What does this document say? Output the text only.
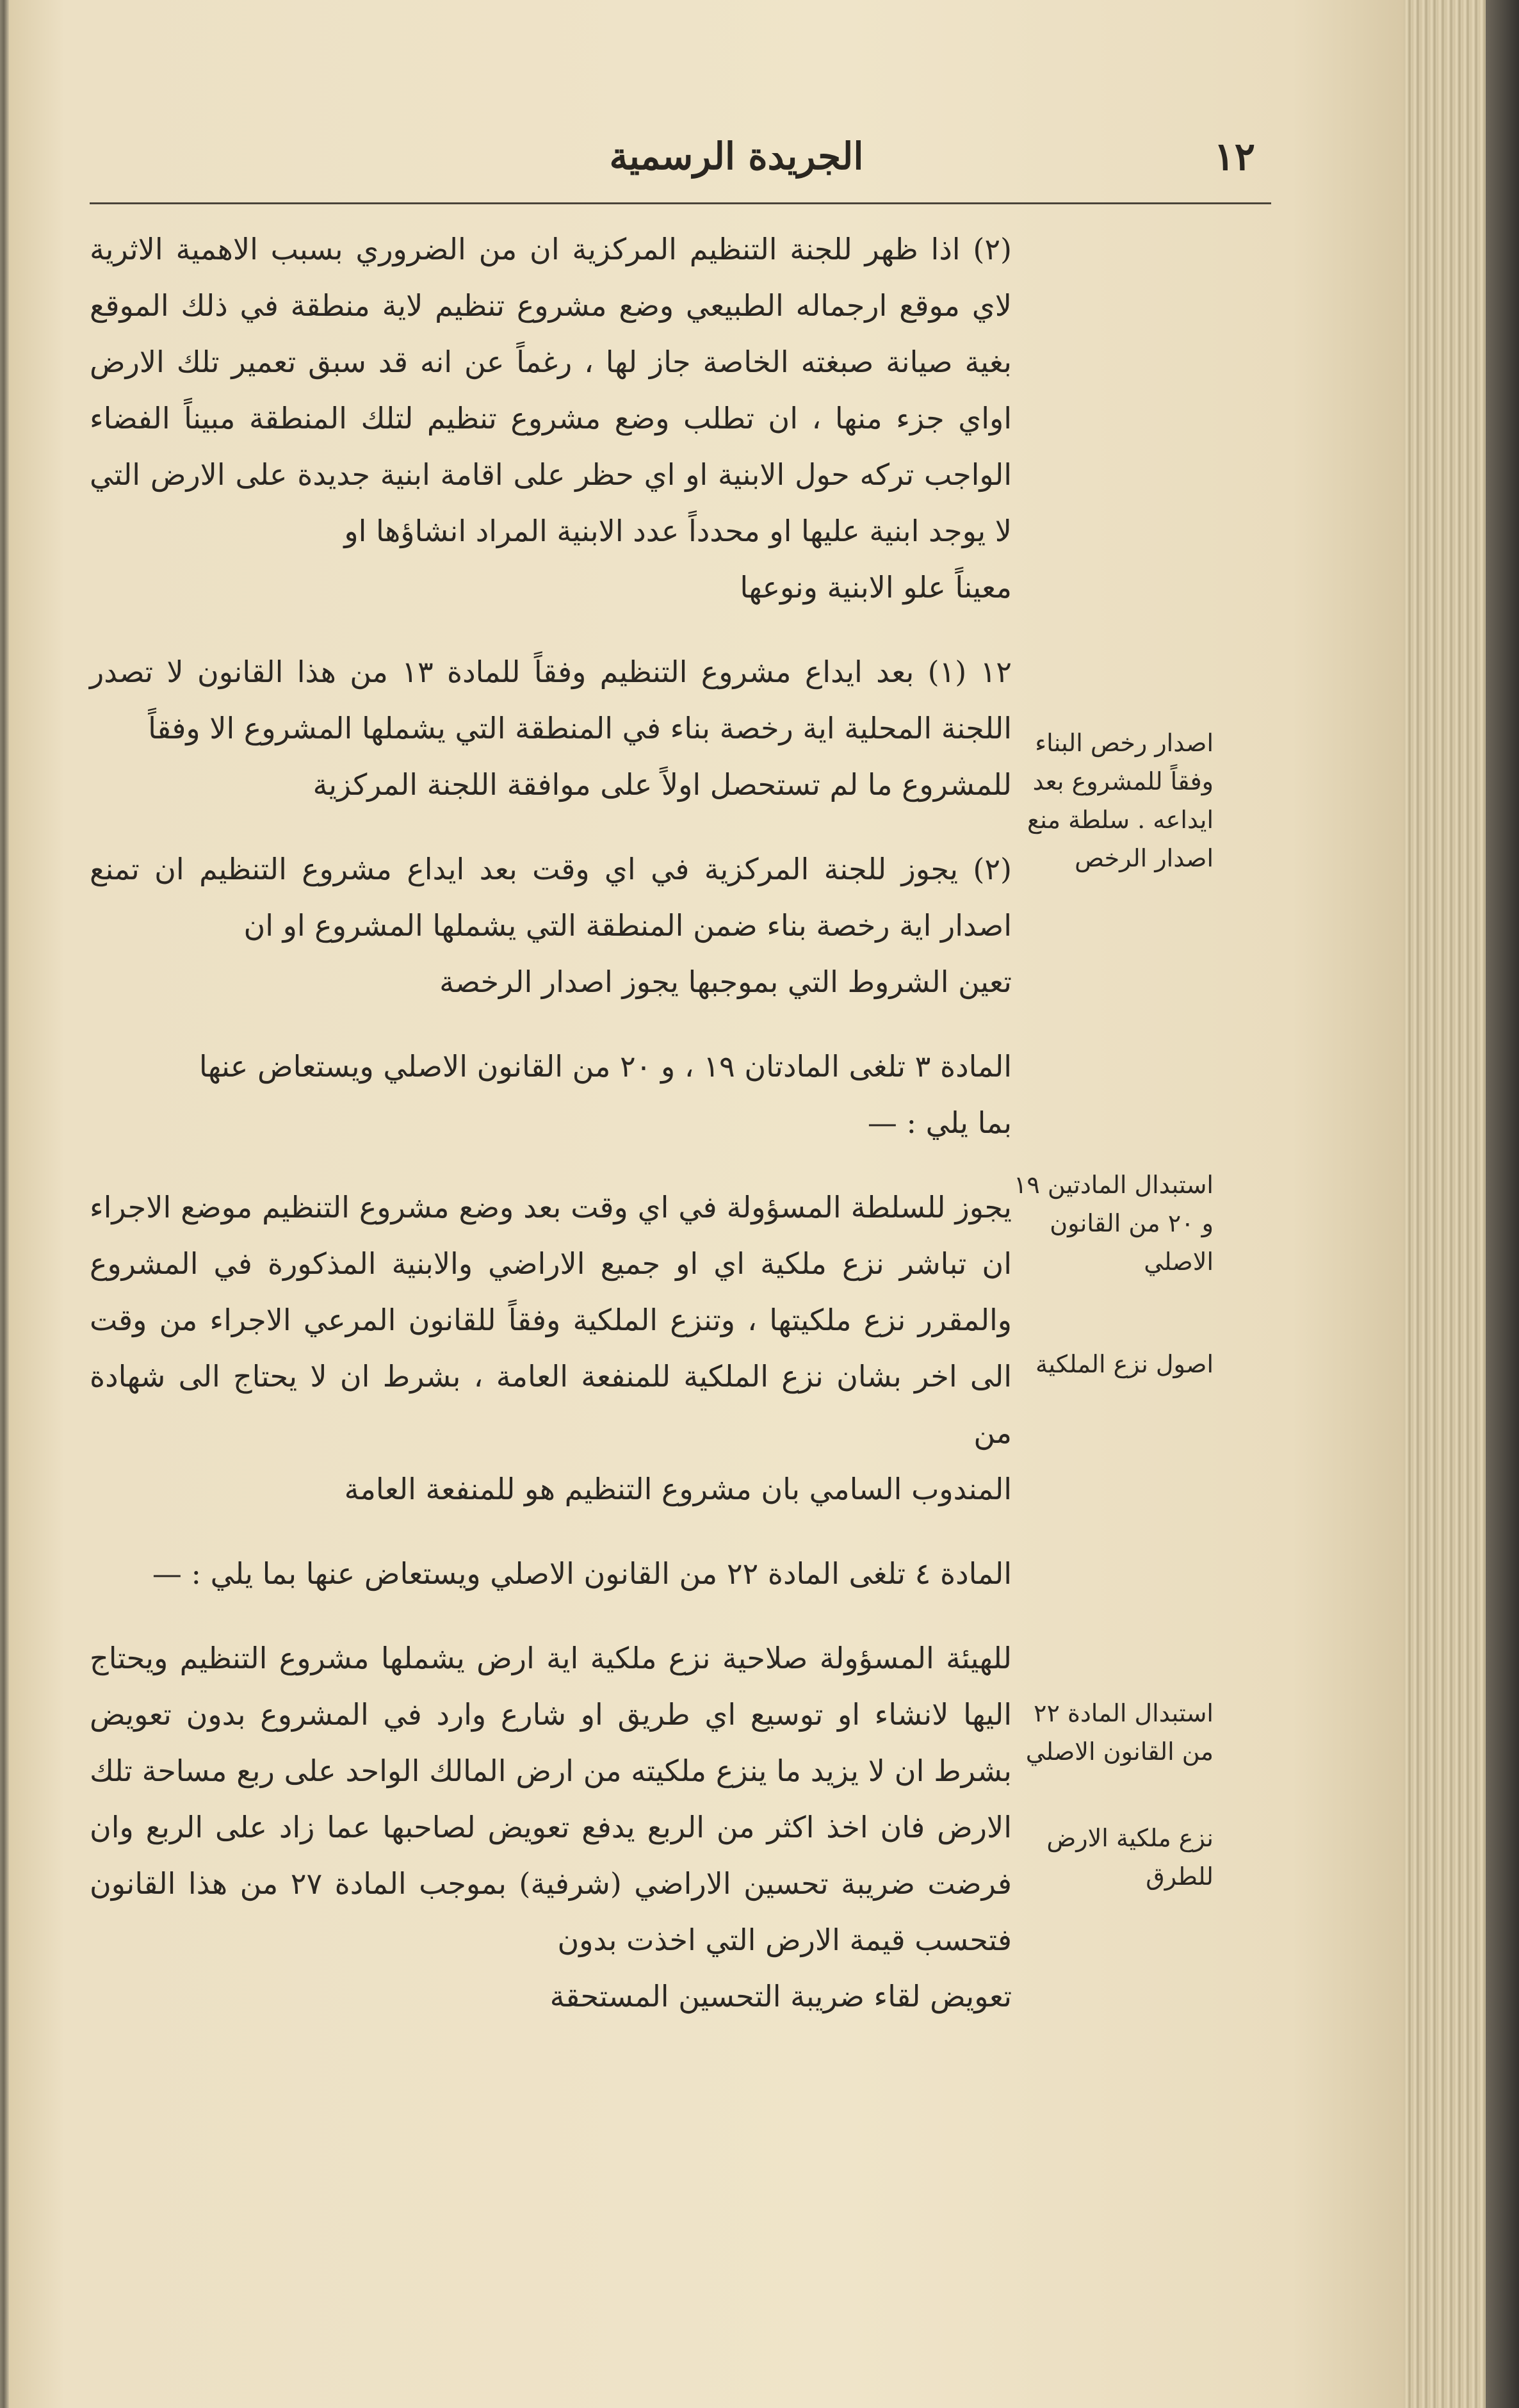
الجريدة الرسمية	١٢

(٢) اذا ظهر للجنة التنظيم المركزية ان من الضروري بسبب الاهمية الاثرية لاي موقع ارجماله الطبيعي وضع مشروع تنظيم لاية منطقة في ذلك الموقع بغية صيانة صبغته الخاصة جاز لها ، رغماً عن انه قد سبق تعمير تلك الارض اواي جزء منها ، ان تطلب وضع مشروع تنظيم لتلك المنطقة مبيناً الفضاء الواجب تركه حول الابنية او اي حظر على اقامة ابنية جديدة على الارض التي لا يوجد ابنية عليها او محدداً عدد الابنية المراد انشاؤها او

معيناً علو الابنية ونوعها

١٢ (١) بعد ايداع مشروع التنظيم وفقاً للمادة ١٣ من هذا القانون لا تصدر اللجنة المحلية اية رخصة بناء في المنطقة التي يشملها المشروع الا وفقاً

للمشروع ما لم تستحصل اولاً على موافقة اللجنة المركزية

(٢) يجوز للجنة المركزية في اي وقت بعد ايداع مشروع التنظيم ان تمنع اصدار اية رخصة بناء ضمن المنطقة التي يشملها المشروع او ان

تعين الشروط التي بموجبها يجوز اصدار الرخصة

المادة ٣ تلغى المادتان ١٩ ، و ٢٠ من القانون الاصلي ويستعاض عنها

بما يلي : —

يجوز للسلطة المسؤولة في اي وقت بعد وضع مشروع التنظيم موضع الاجراء ان تباشر نزع ملكية اي او جميع الاراضي والابنية المذكورة في المشروع والمقرر نزع ملكيتها ، وتنزع الملكية وفقاً للقانون المرعي الاجراء من وقت الى اخر بشان نزع الملكية للمنفعة العامة ، بشرط ان لا يحتاج الى شهادة من

المندوب السامي بان مشروع التنظيم هو للمنفعة العامة

المادة ٤ تلغى المادة ٢٢ من القانون الاصلي ويستعاض عنها بما يلي : —

للهيئة المسؤولة صلاحية نزع ملكية اية ارض يشملها مشروع التنظيم ويحتاج اليها لانشاء او توسيع اي طريق او شارع وارد في المشروع بدون تعويض بشرط ان لا يزيد ما ينزع ملكيته من ارض المالك الواحد على ربع مساحة تلك الارض فان اخذ اكثر من الربع يدفع تعويض لصاحبها عما زاد على الربع وان فرضت ضريبة تحسين الاراضي (شرفية) بموجب المادة ٢٧ من هذا القانون فتحسب قيمة الارض التي اخذت بدون

تعويض لقاء ضريبة التحسين المستحقة

اصدار رخص البناء وفقاً للمشروع بعد ايداعه . سلطة منع اصدار الرخص
استبدال المادتين ١٩ و ٢٠ من القانون الاصلي
اصول نزع الملكية
استبدال المادة ٢٢ من القانون الاصلي
نزع ملكية الارض للطرق
